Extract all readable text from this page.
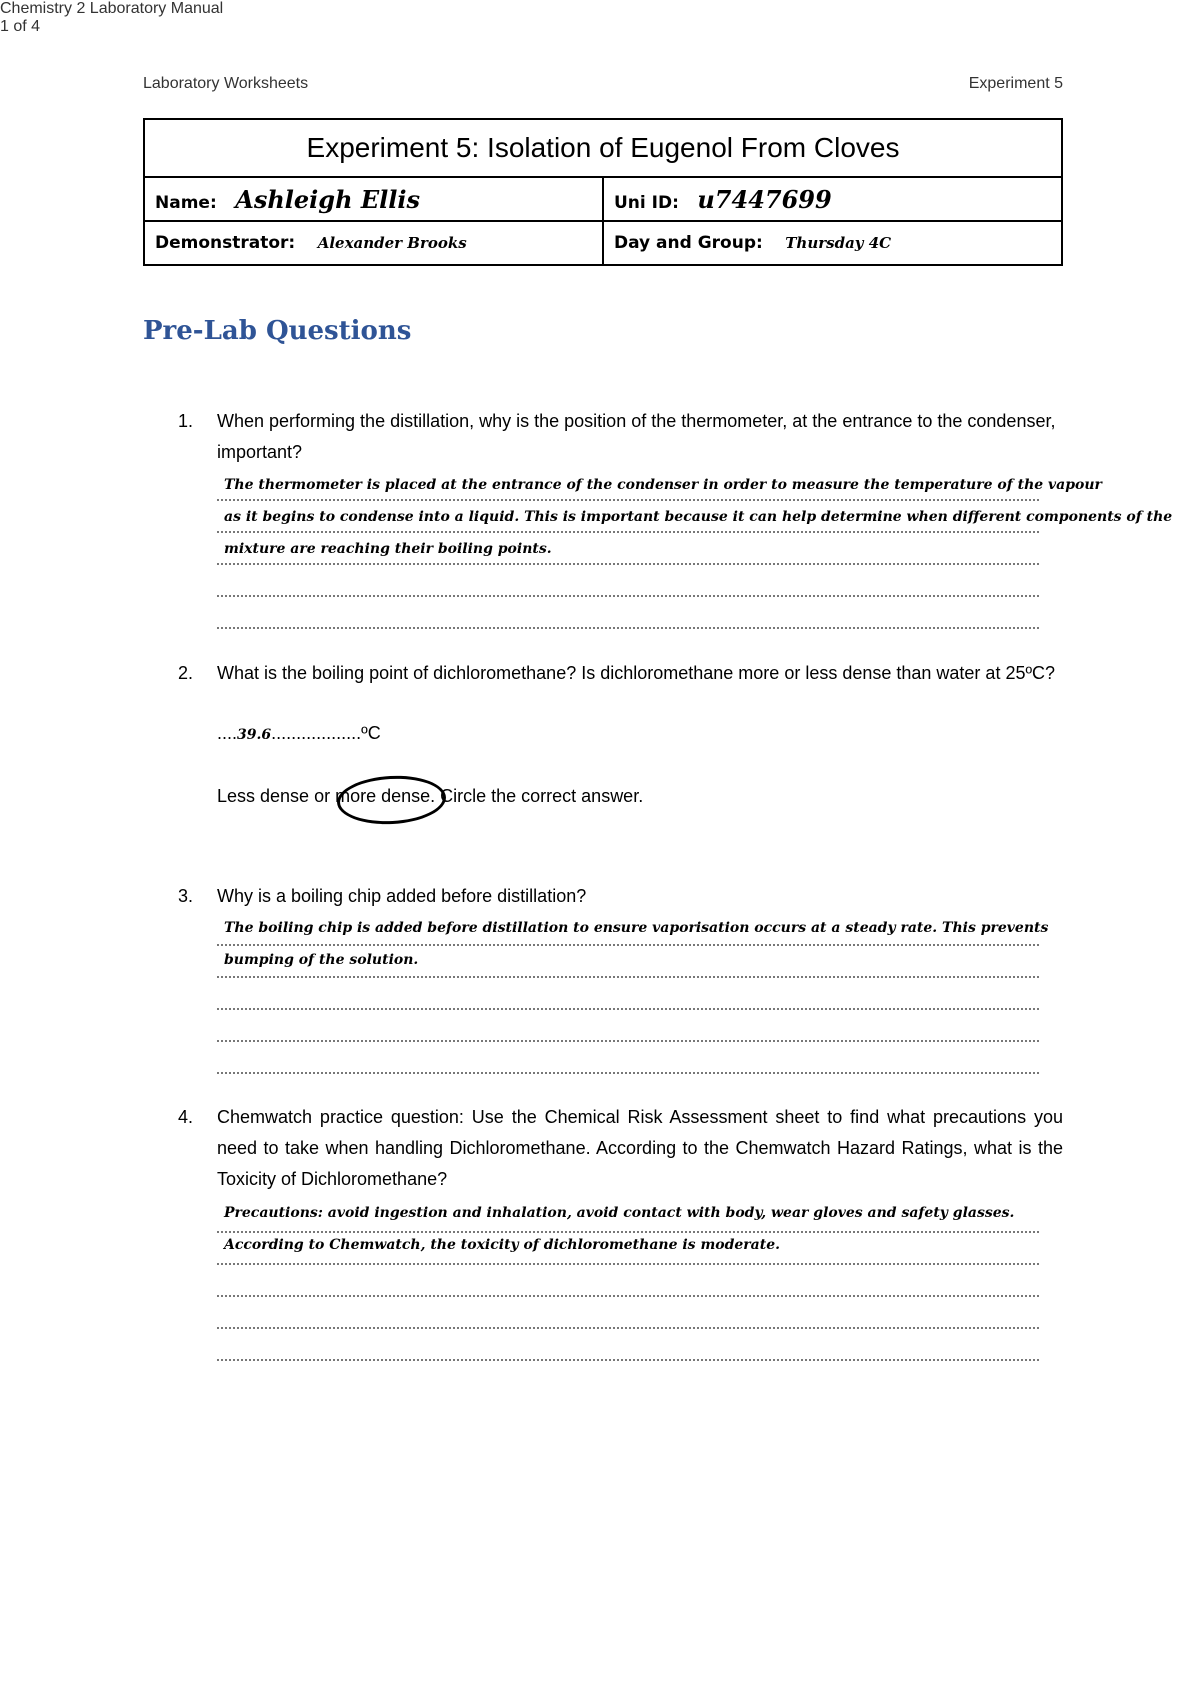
Laboratory Worksheets	Experiment 5
Experiment 5: Isolation of Eugenol From Cloves	
Name: Ashleigh Ellis	Uni ID: u7447699
Demonstrator: Alexander Brooks	Day and Group: Thursday 4C
Pre-Lab Questions
1. When performing the distillation, why is the position of the thermometer, at the entrance to the condenser, important?
The thermometer is placed at the entrance of the condenser in order to measure the temperature of the vapour
as it begins to condense into a liquid. This is important because it can help determine when different components of the
mixture are reaching their boiling points.
2. What is the boiling point of dichloromethane? Is dichloromethane more or less dense than water at 25ºC?
....39.6..................ºC
Less dense or more dense. Circle the correct answer.
3. Why is a boiling chip added before distillation?
The boiling chip is added before distillation to ensure vaporisation occurs at a steady rate. This prevents
bumping of the solution.
4. Chemwatch practice question: Use the Chemical Risk Assessment sheet to find what precautions you need to take when handling Dichloromethane. According to the Chemwatch Hazard Ratings, what is the Toxicity of Dichloromethane?
Precautions: avoid ingestion and inhalation, avoid contact with body, wear gloves and safety glasses.
According to Chemwatch, the toxicity of dichloromethane is moderate.
Chemistry 2 Laboratory Manual
1 of 4
